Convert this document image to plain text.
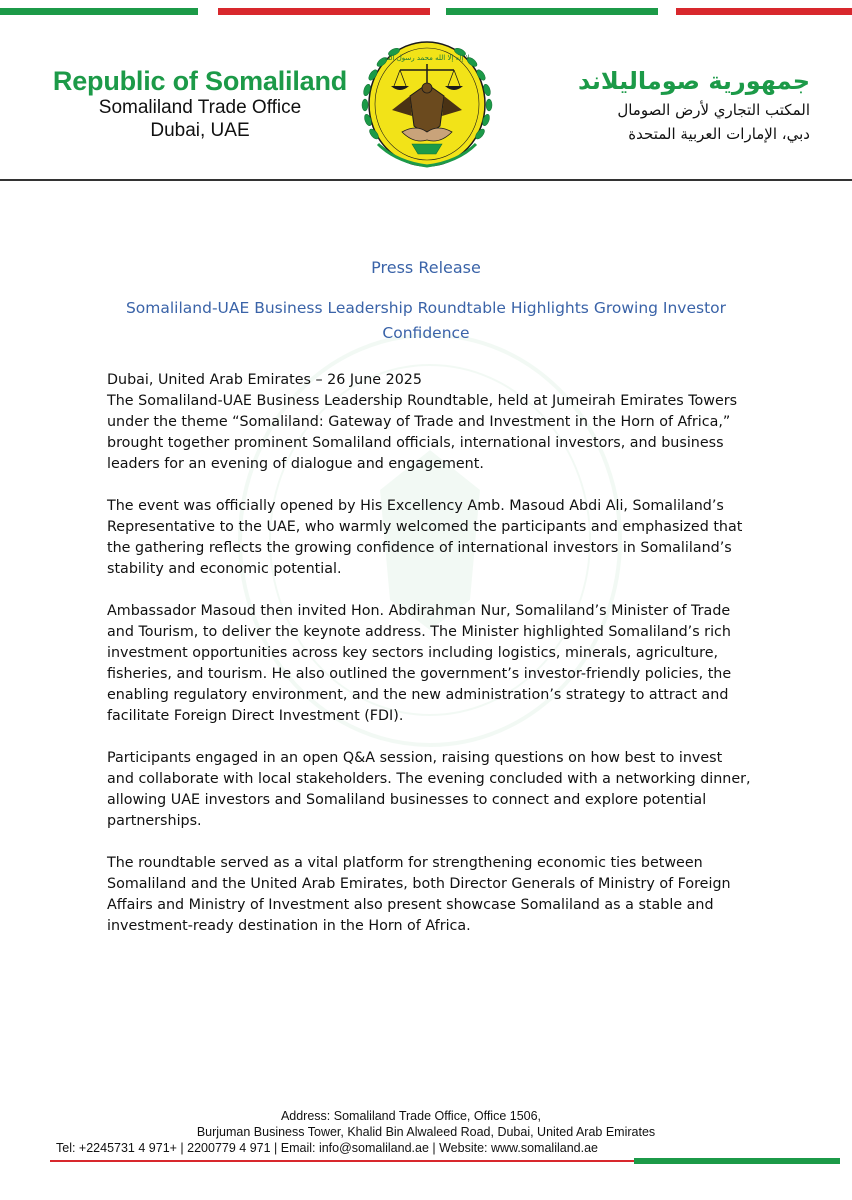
Republic of Somaliland
Somaliland Trade Office
Dubai, UAE
لا إله إلا الله محمد رسول الله
جمهورية صوماليلاند
المكتب التجاري لأرض الصومال
دبي، الإمارات العربية المتحدة
Press Release
Somaliland-UAE Business Leadership Roundtable Highlights Growing Investor Confidence

Dubai, United Arab Emirates – 26 June 2025

The Somaliland-UAE Business Leadership Roundtable, held at Jumeirah Emirates Towers under the theme “Somaliland: Gateway of Trade and Investment in the Horn of Africa,” brought together prominent Somaliland officials, international investors, and business leaders for an evening of dialogue and engagement.

The event was officially opened by His Excellency Amb. Masoud Abdi Ali, Somaliland’s Representative to the UAE, who warmly welcomed the participants and emphasized that the gathering reflects the growing confidence of international investors in Somaliland’s stability and economic potential.

Ambassador Masoud then invited Hon. Abdirahman Nur, Somaliland’s Minister of Trade and Tourism, to deliver the keynote address. The Minister highlighted Somaliland’s rich investment opportunities across key sectors including logistics, minerals, agriculture, fisheries, and tourism. He also outlined the government’s investor-friendly policies, the enabling regulatory environment, and the new administration’s strategy to attract and facilitate Foreign Direct Investment (FDI).

Participants engaged in an open Q&A session, raising questions on how best to invest and collaborate with local stakeholders. The evening concluded with a networking dinner, allowing UAE investors and Somaliland businesses to connect and explore potential partnerships.

The roundtable served as a vital platform for strengthening economic ties between Somaliland and the United Arab Emirates, both Director Generals of Ministry of Foreign Affairs and Ministry of Investment also present showcase Somaliland as a stable and investment-ready destination in the Horn of Africa.

Address: Somaliland Trade Office, Office 1506,
Burjuman Business Tower, Khalid Bin Alwaleed Road, Dubai, United Arab Emirates
Tel: +2245731 4 971+ | 2200779 4 971 | Email: info@somaliland.ae | Website: www.somaliland.ae
